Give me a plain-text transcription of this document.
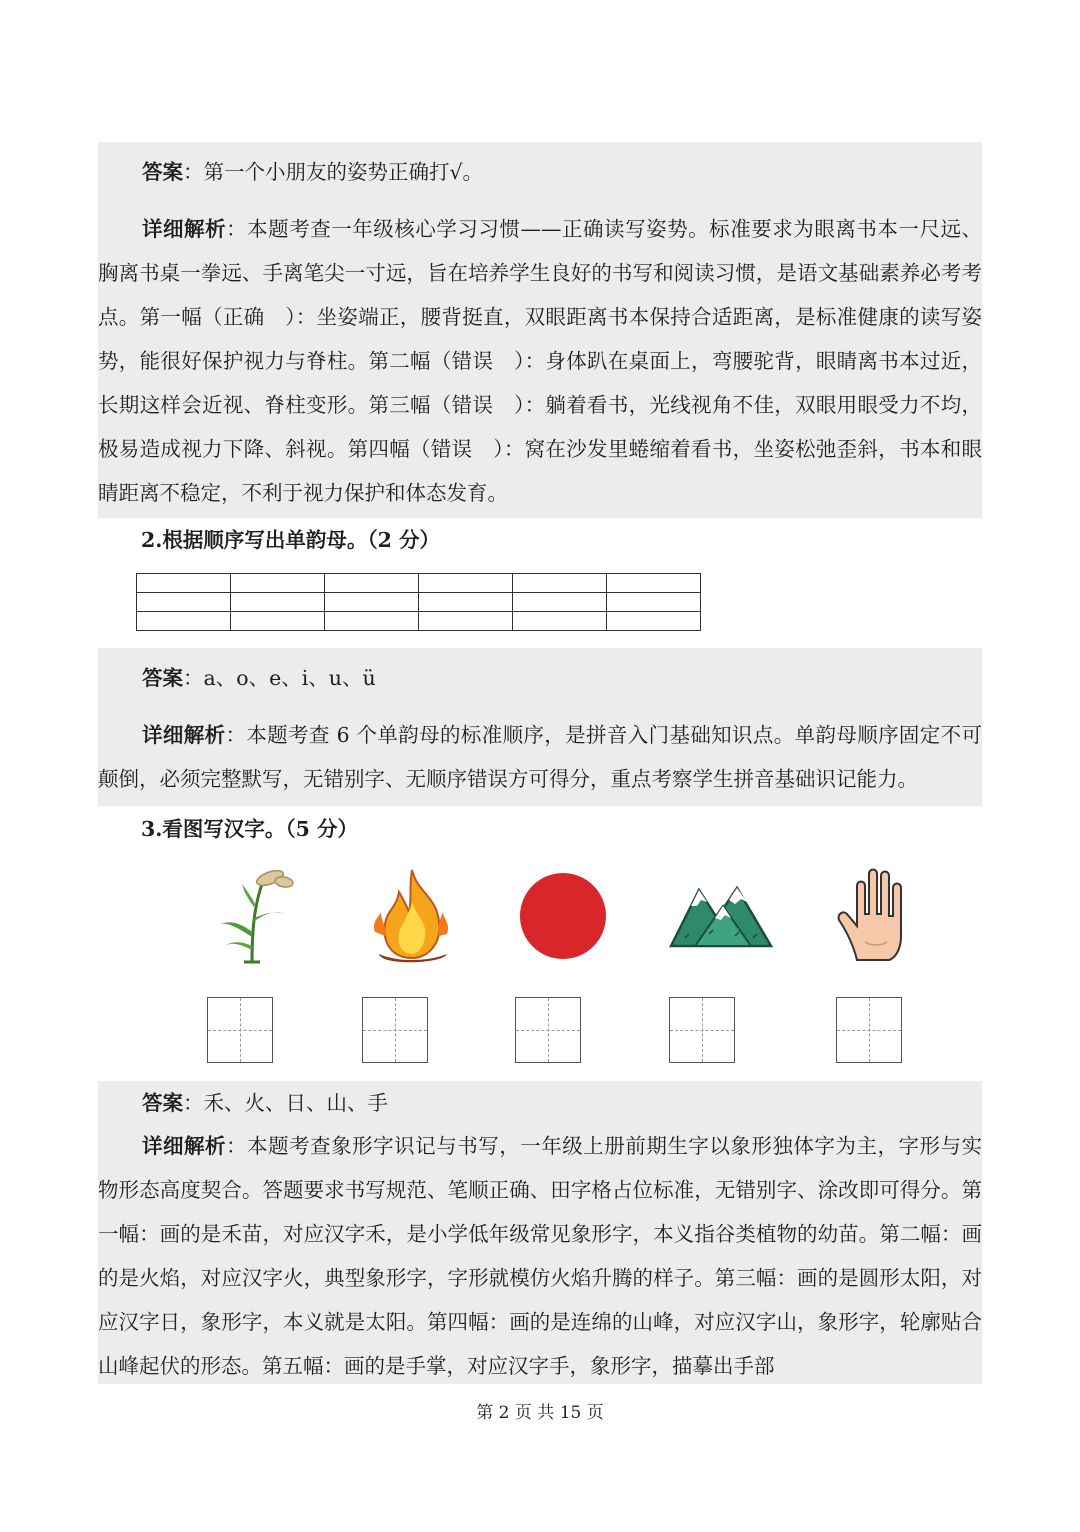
答案：第一个小朋友的姿势正确打√。

详细解析：本题考查一年级核心学习习惯——正确读写姿势。标准要求为眼离书本一尺远、胸离书桌一拳远、手离笔尖一寸远，旨在培养学生良好的书写和阅读习惯，是语文基础素养必考考点。第一幅（正确　）：坐姿端正，腰背挺直，双眼距离书本保持合适距离，是标准健康的读写姿势，能很好保护视力与脊柱。第二幅（错误　）：身体趴在桌面上，弯腰驼背，眼睛离书本过近，长期这样会近视、脊柱变形。第三幅（错误　）：躺着看书，光线视角不佳，双眼用眼受力不均，极易造成视力下降、斜视。第四幅（错误　）：窝在沙发里蜷缩着看书，坐姿松弛歪斜，书本和眼睛距离不稳定，不利于视力保护和体态发育。

2.根据顺序写出单韵母。（2 分）

答案：a、o、e、i、u、ü

详细解析：本题考查 6 个单韵母的标准顺序，是拼音入门基础知识点。单韵母顺序固定不可颠倒，必须完整默写，无错别字、无顺序错误方可得分，重点考察学生拼音基础识记能力。

3.看图写汉字。（5 分）

答案：禾、火、日、山、手

详细解析：本题考查象形字识记与书写，一年级上册前期生字以象形独体字为主，字形与实物形态高度契合。答题要求书写规范、笔顺正确、田字格占位标准，无错别字、涂改即可得分。第一幅：画的是禾苗，对应汉字禾，是小学低年级常见象形字，本义指谷类植物的幼苗。第二幅：画的是火焰，对应汉字火，典型象形字，字形就模仿火焰升腾的样子。第三幅：画的是圆形太阳，对应汉字日，象形字，本义就是太阳。第四幅：画的是连绵的山峰，对应汉字山，象形字，轮廓贴合山峰起伏的形态。第五幅：画的是手掌，对应汉字手，象形字，描摹出手部

第 2 页 共 15 页
